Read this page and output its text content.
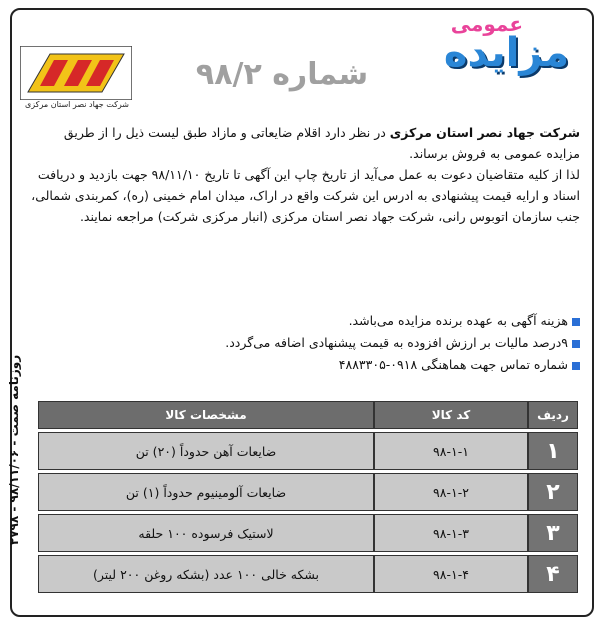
روزنامه صمت - ۹۸/۱۱/۰۶ - ۲۷۹۸
شرکت جهاد نصر استان مرکزی
شماره ۹۸/۲
عمومی
مزایده
شرکت جهاد نصر استان مرکزی در نظر دارد اقلام ضایعاتی و مازاد طبق لیست ذیل را از طریق مزایده عمومی به فروش برساند.
لذا از کلیه متقاضیان دعوت به عمل می‌آید از تاریخ چاپ این آگهی تا تاریخ ۹۸/۱۱/۱۰ جهت بازدید و دریافت اسناد و ارایه قیمت پیشنهادی به ادرس این شرکت واقع در اراک، میدان امام خمینی (ره)، کمربندی شمالی، جنب سازمان اتوبوس رانی، شرکت جهاد نصر استان مرکزی (انبار مرکزی شرکت) مراجعه نمایند.
هزینه آگهی به عهده برنده مزایده می‌باشد.
۹درصد مالیات بر ارزش افزوده به قیمت پیشنهادی اضافه می‌گردد.
شماره تماس جهت هماهنگی ۰۹۱۸-۴۸۸۳۳۰۵
ردیف	کد کالا	مشخصات کالا
۱	۹۸-۱-۱	ضایعات آهن حدوداً (۲۰) تن
۲	۹۸-۱-۲	ضایعات آلومینیوم حدوداً (۱) تن
۳	۹۸-۱-۳	لاستیک فرسوده ۱۰۰ حلقه
۴	۹۸-۱-۴	بشکه خالی ۱۰۰ عدد (بشکه روغن ۲۰۰ لیتر)
